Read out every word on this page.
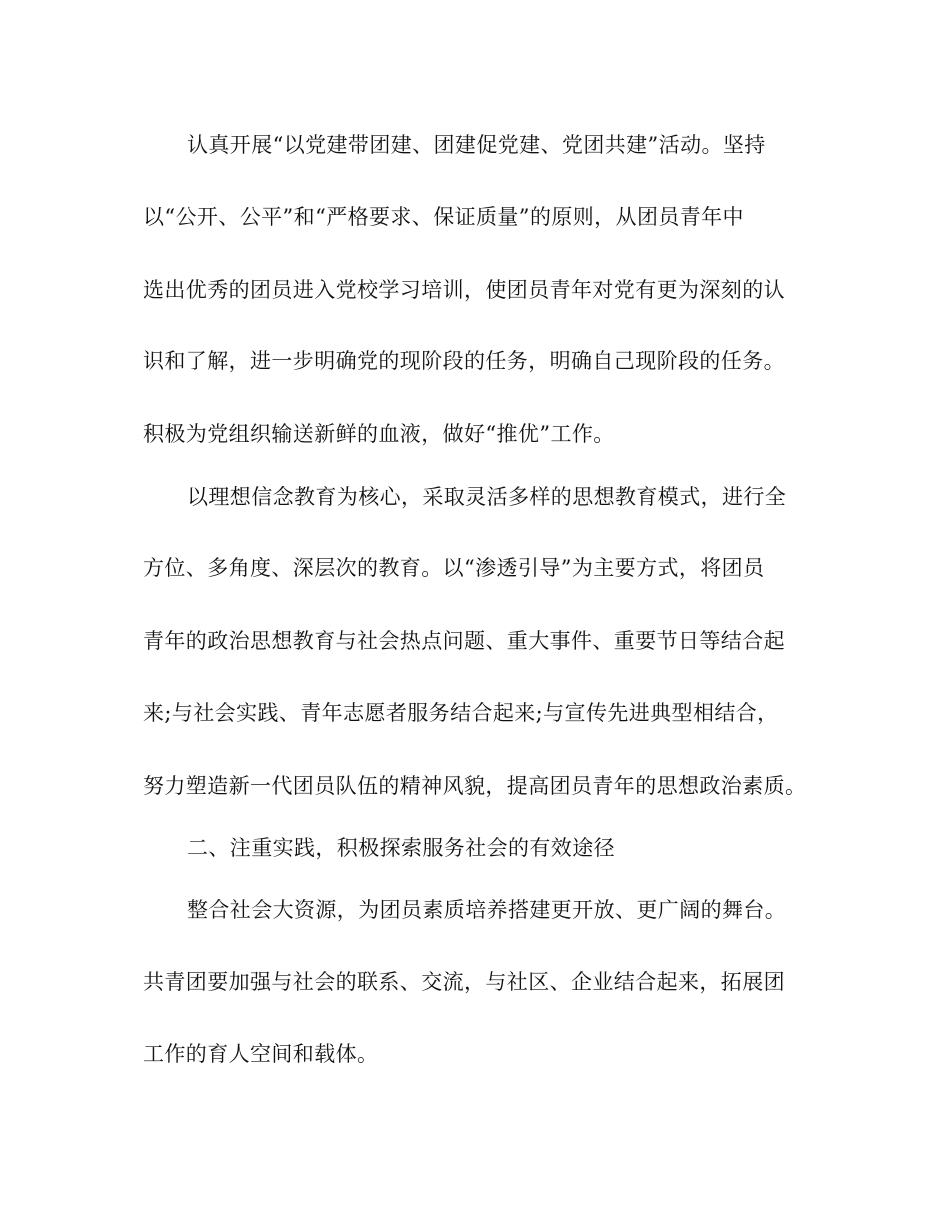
认真开展“以党建带团建、团建促党建、党团共建”活动。坚持
以“公开、公平”和“严格要求、保证质量”的原则，从团员青年中
选出优秀的团员进入党校学习培训，使团员青年对党有更为深刻的认
识和了解，进一步明确党的现阶段的任务，明确自己现阶段的任务。
积极为党组织输送新鲜的血液，做好“推优”工作。
以理想信念教育为核心，采取灵活多样的思想教育模式，进行全
方位、多角度、深层次的教育。以“渗透引导”为主要方式，将团员
青年的政治思想教育与社会热点问题、重大事件、重要节日等结合起
来;与社会实践、青年志愿者服务结合起来;与宣传先进典型相结合，
努力塑造新一代团员队伍的精神风貌，提高团员青年的思想政治素质。
二、注重实践，积极探索服务社会的有效途径
整合社会大资源，为团员素质培养搭建更开放、更广阔的舞台。
共青团要加强与社会的联系、交流，与社区、企业结合起来，拓展团
工作的育人空间和载体。
